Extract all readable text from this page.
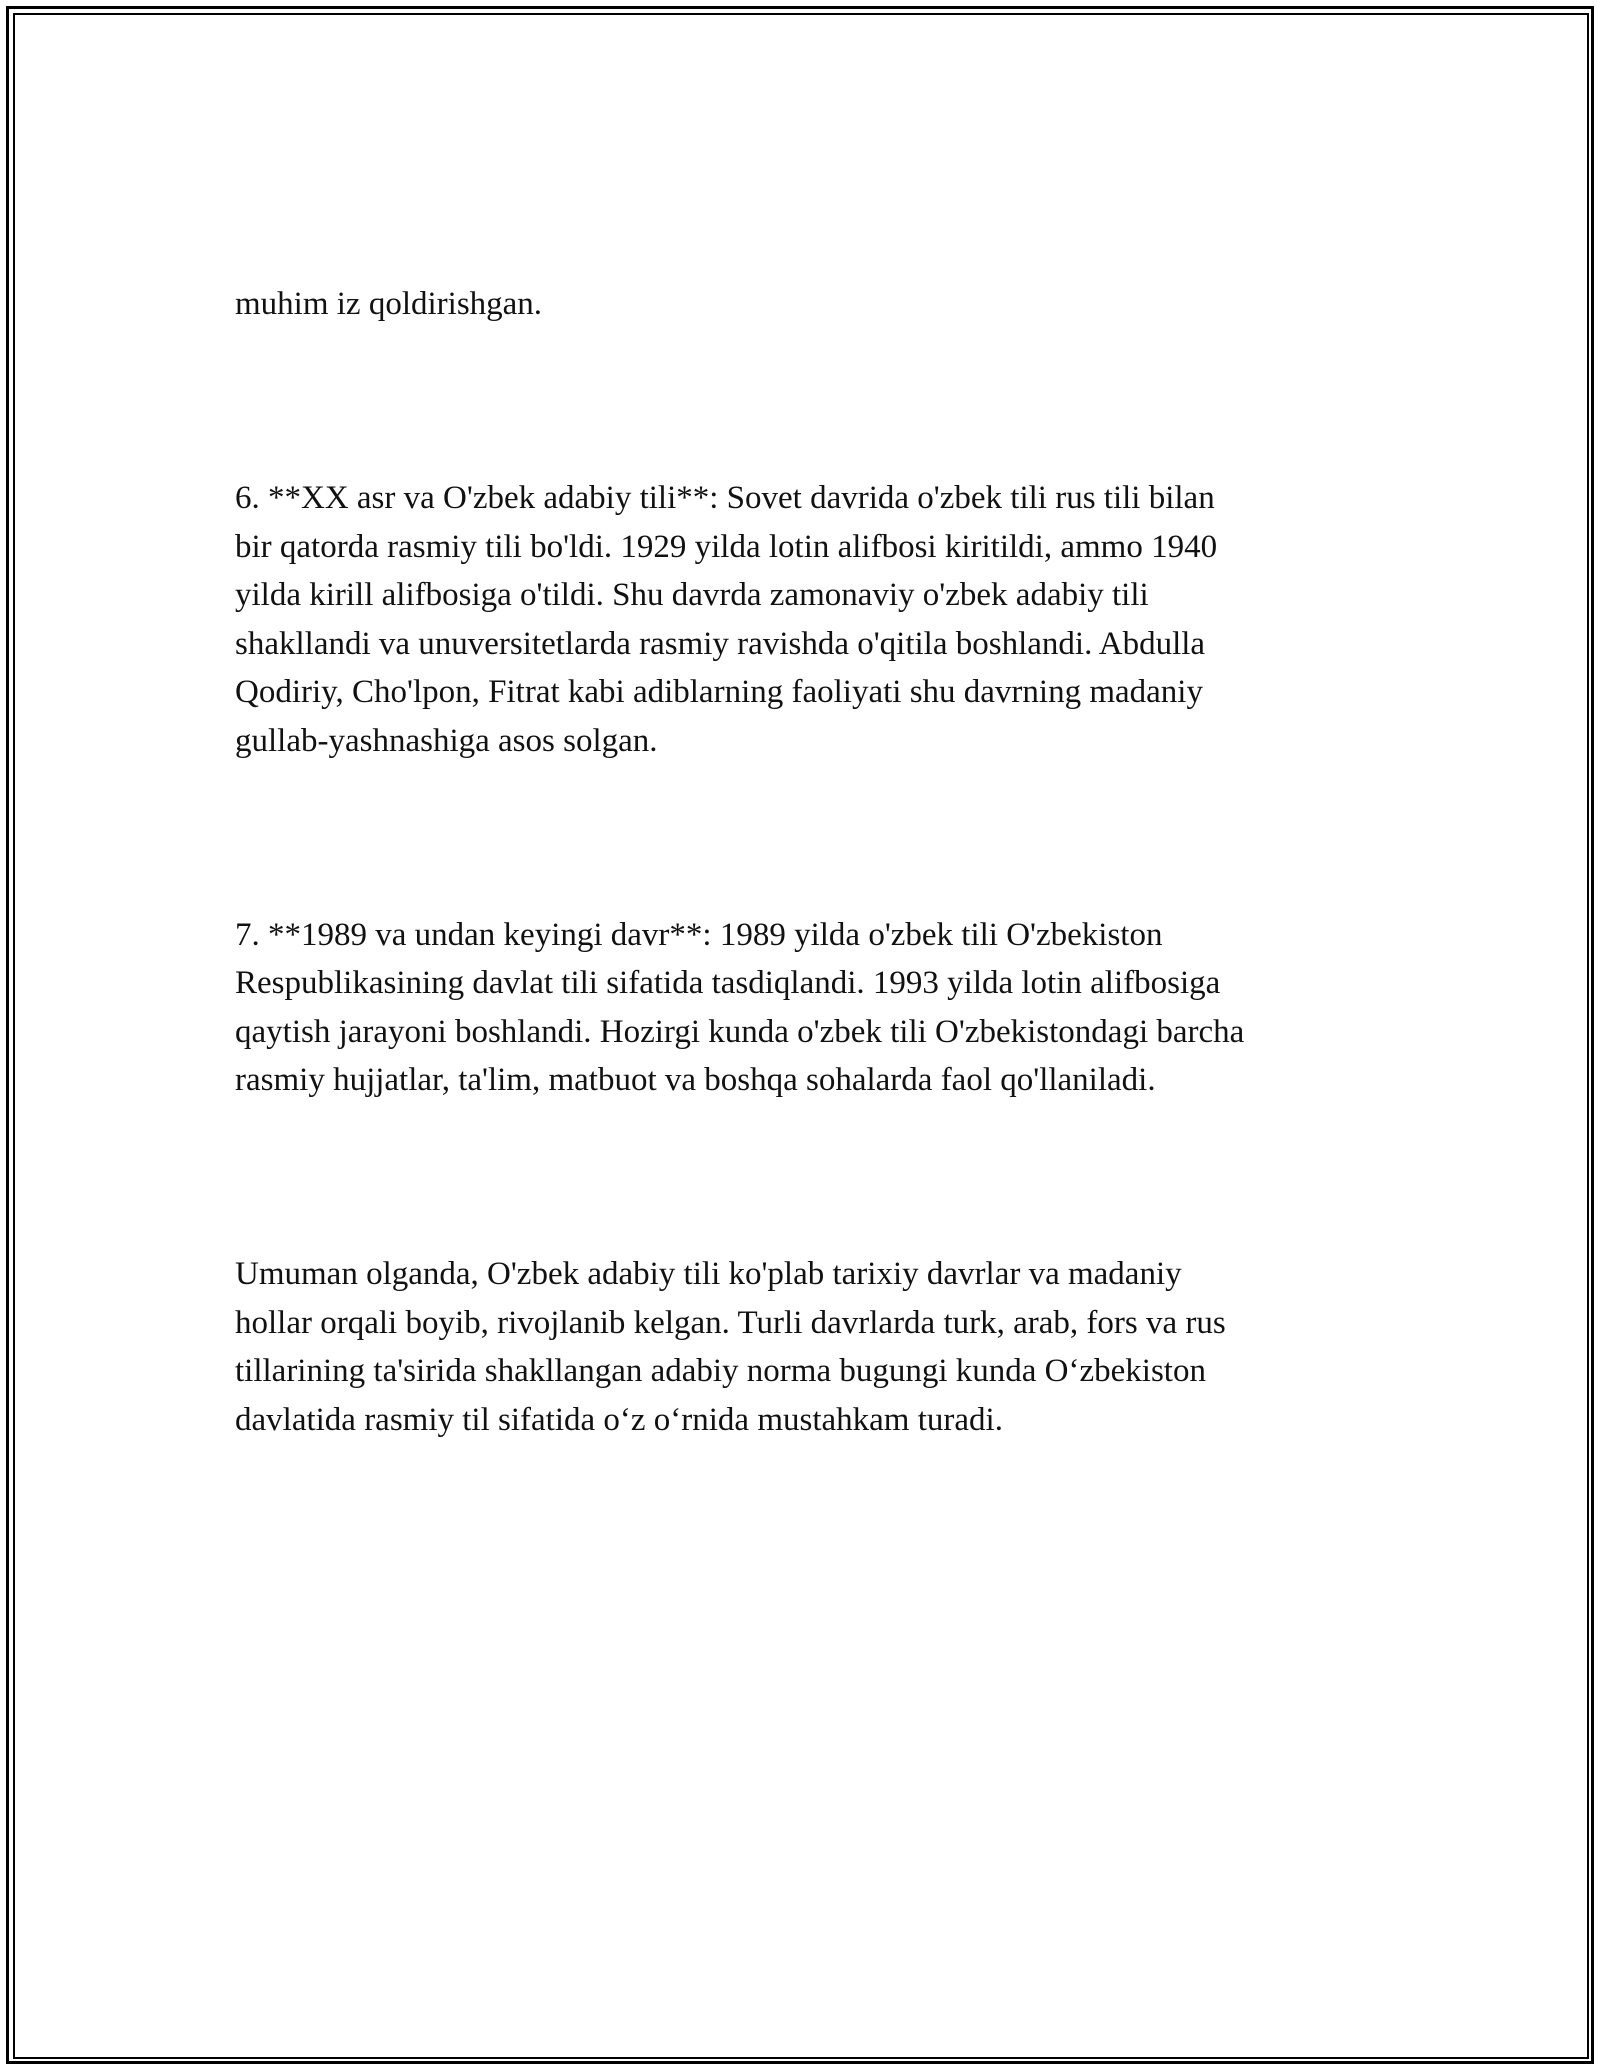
muhim iz qoldirishgan.

6. **XX asr va O'zbek adabiy tili**: Sovet davrida o'zbek tili rus tili bilan
bir qatorda rasmiy tili bo'ldi. 1929 yilda lotin alifbosi kiritildi, ammo 1940
yilda kirill alifbosiga o'tildi. Shu davrda zamonaviy o'zbek adabiy tili
shakllandi va unuversitetlarda rasmiy ravishda o'qitila boshlandi. Abdulla
Qodiriy, Cho'lpon, Fitrat kabi adiblarning faoliyati shu davrning madaniy
gullab-yashnashiga asos solgan.

7. **1989 va undan keyingi davr**: 1989 yilda o'zbek tili O'zbekiston
Respublikasining davlat tili sifatida tasdiqlandi. 1993 yilda lotin alifbosiga
qaytish jarayoni boshlandi. Hozirgi kunda o'zbek tili O'zbekistondagi barcha
rasmiy hujjatlar, ta'lim, matbuot va boshqa sohalarda faol qo'llaniladi.

Umuman olganda, O'zbek adabiy tili ko'plab tarixiy davrlar va madaniy
hollar orqali boyib, rivojlanib kelgan. Turli davrlarda turk, arab, fors va rus
tillarining ta'sirida shakllangan adabiy norma bugungi kunda O‘zbekiston
davlatida rasmiy til sifatida o‘z o‘rnida mustahkam turadi.
